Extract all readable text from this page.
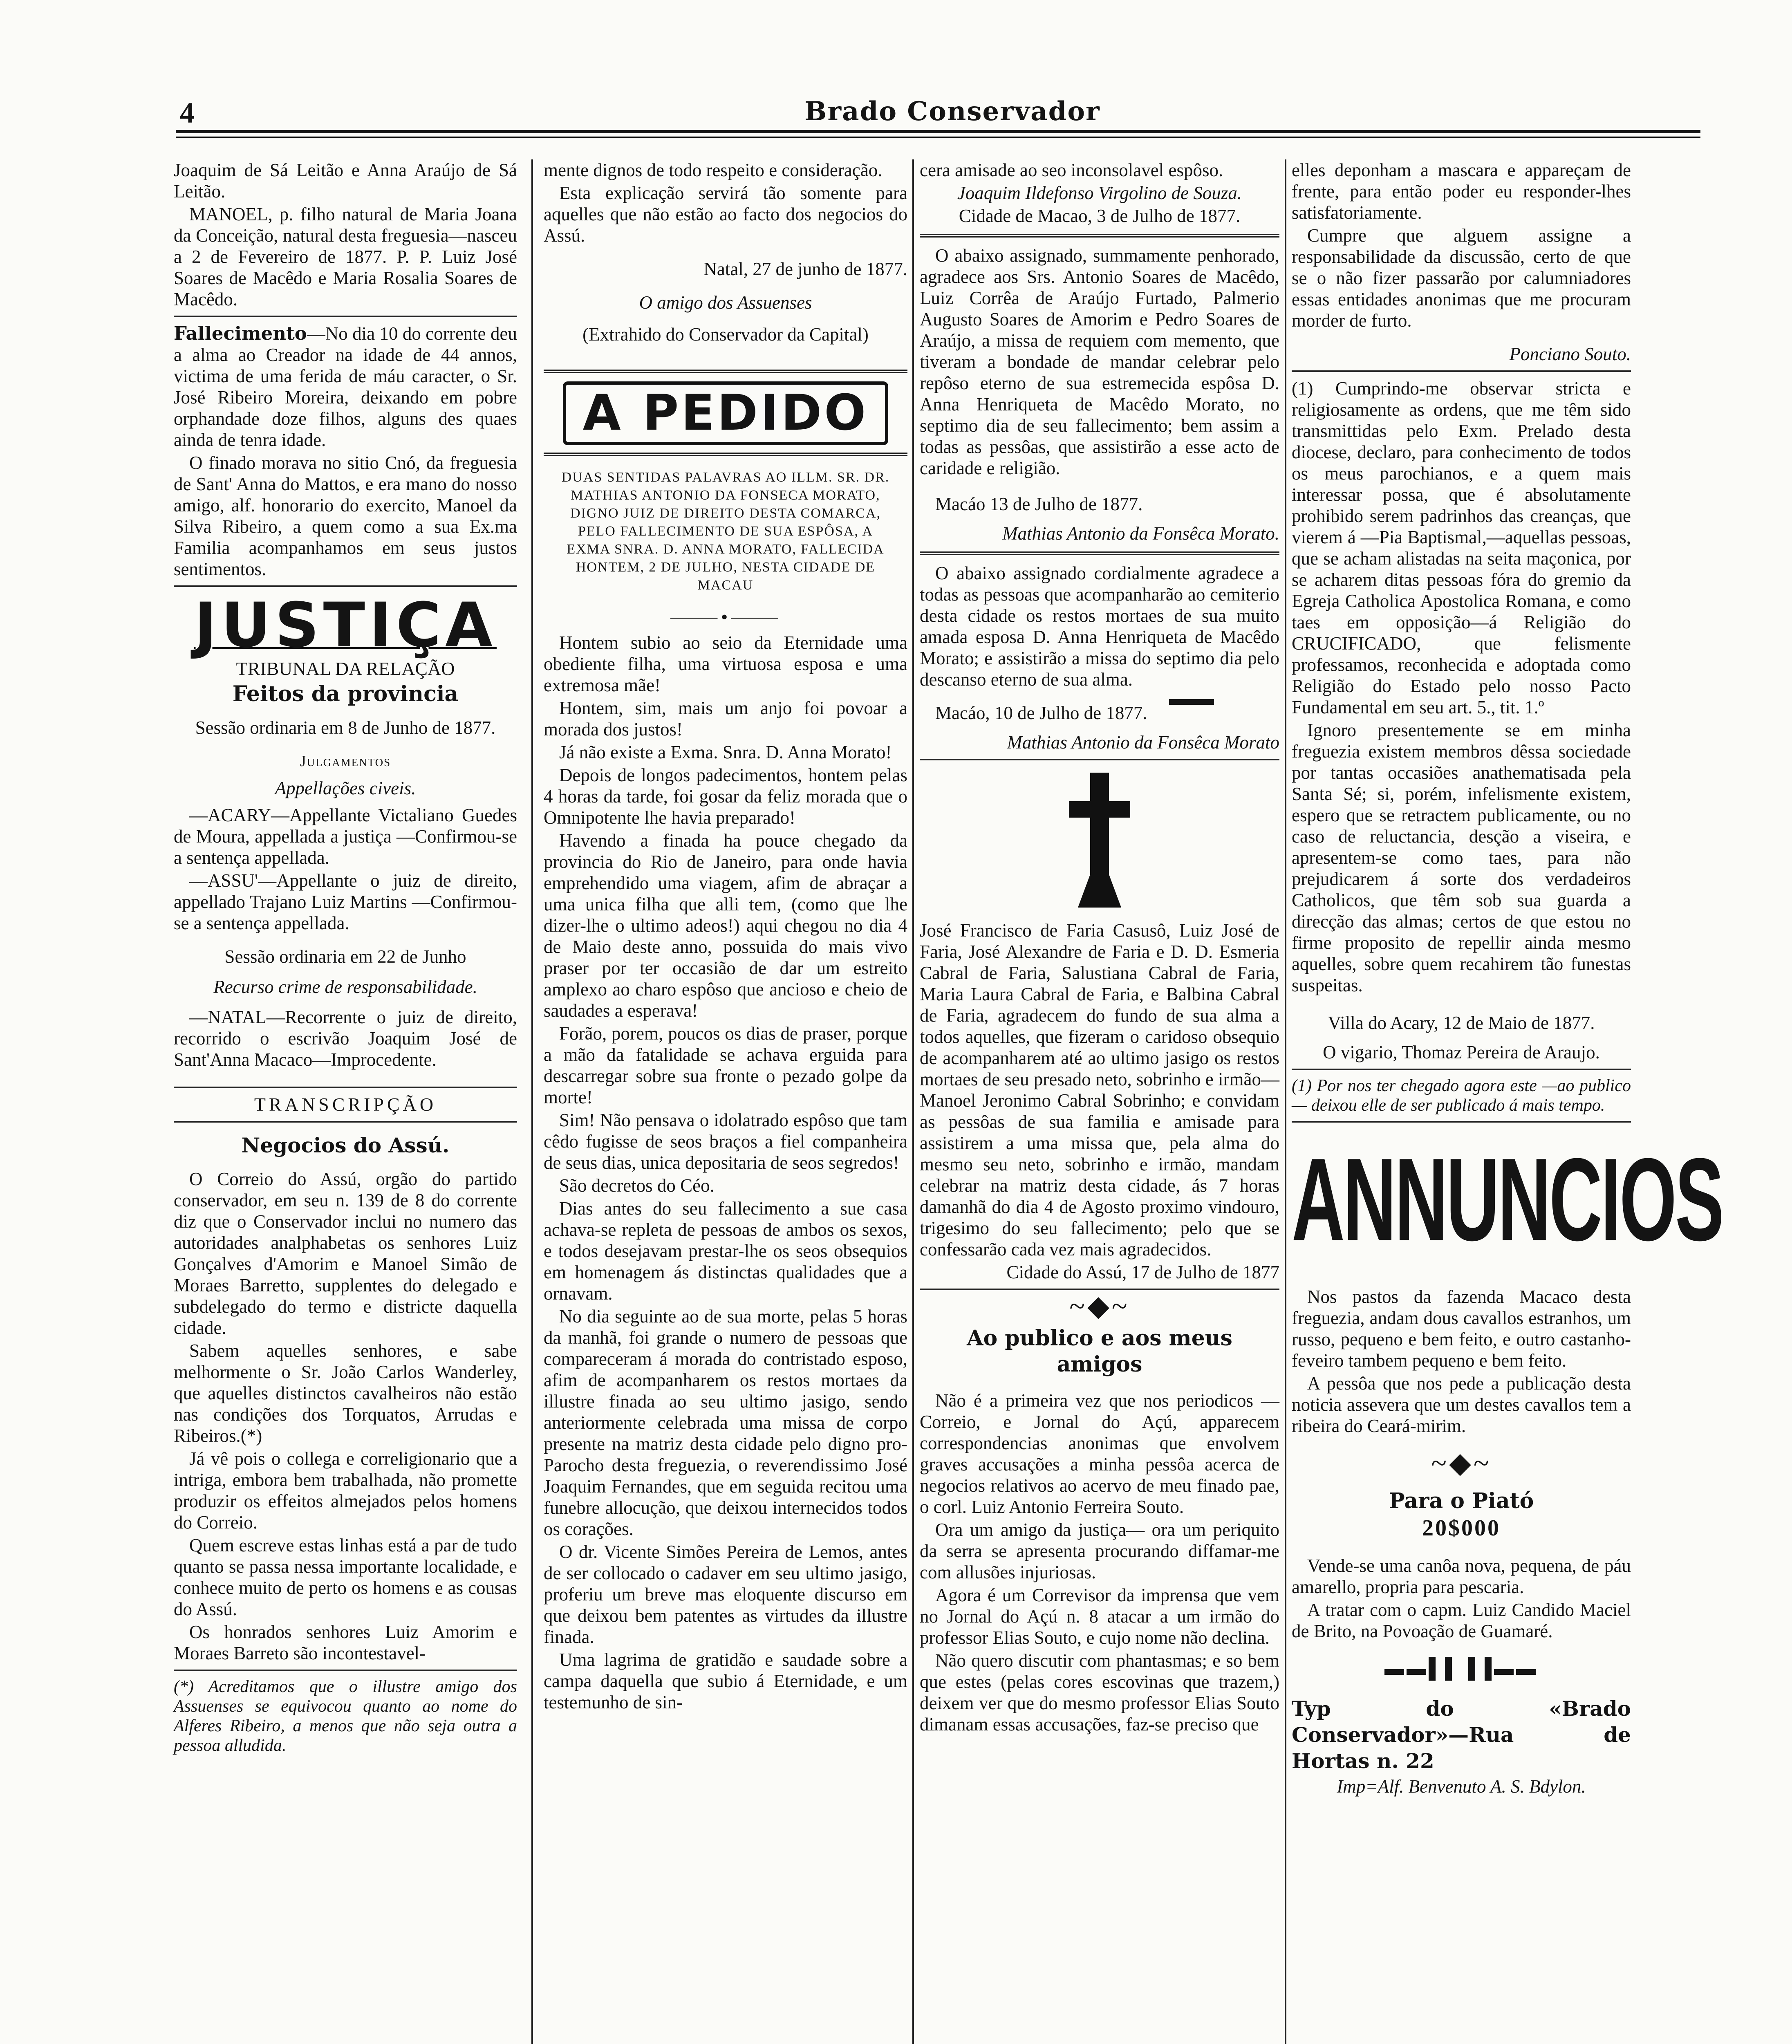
4	Brado Conservador

Joaquim de Sá Leitão e Anna Araújo de Sá Leitão.

MANOEL, p. filho natural de Maria Joana da Conceição, natural desta freguesia—nasceu a 2 de Fevereiro de 1877. P. P. Luiz José Soares de Macêdo e Maria Rosalia Soares de Macêdo.

Fallecimento—No dia 10 do corrente deu a alma ao Creador na idade de 44 annos, victima de uma ferida de máu caracter, o Sr. José Ribeiro Moreira, deixando em pobre orphandade doze filhos, alguns des quaes ainda de tenra idade.

O finado morava no sitio Cnó, da freguesia de Sant' Anna do Mattos, e era mano do nosso amigo, alf. honorario do exercito, Manoel da Silva Ribeiro, a quem como a sua Ex.ma Familia acompanhamos em seus justos sentimentos.

JUSTIÇA

TRIBUNAL DA RELAÇÃO

Feitos da provincia

Sessão ordinaria em 8 de Junho de 1877.

Julgamentos

Appellações civeis.

—ACARY—Appellante Victaliano Guedes de Moura, appellada a justiça —Confirmou-se a sentença appellada.

—ASSU'—Appellante o juiz de direito, appellado Trajano Luiz Martins —Confirmou-se a sentença appellada.

Sessão ordinaria em 22 de Junho

Recurso crime de responsabilidade.

—NATAL—Recorrente o juiz de direito, recorrido o escrivão Joaquim José de Sant'Anna Macaco—Improcedente.

TRANSCRIPÇÃO

Negocios do Assú.

O Correio do Assú, orgão do partido conservador, em seu n. 139 de 8 do corrente diz que o Conservador inclui no numero das autoridades analphabetas os senhores Luiz Gonçalves d'Amorim e Manoel Simão de Moraes Barretto, supplentes do delegado e subdelegado do termo e districte daquella cidade.

Sabem aquelles senhores, e sabe melhormente o Sr. João Carlos Wanderley, que aquelles distinctos cavalheiros não estão nas condições dos Torquatos, Arrudas e Ribeiros.(*)

Já vê pois o collega e correligionario que a intriga, embora bem trabalhada, não promette produzir os effeitos almejados pelos homens do Correio.

Quem escreve estas linhas está a par de tudo quanto se passa nessa importante localidade, e conhece muito de perto os homens e as cousas do Assú.

Os honrados senhores Luiz Amorim e Moraes Barreto são incontestavel-

(*) Acreditamos que o illustre amigo dos Assuenses se equivocou quanto ao nome do Alferes Ribeiro, a menos que não seja outra a pessoa alludida.

mente dignos de todo respeito e consideração.

Esta explicação servirá tão somente para aquelles que não estão ao facto dos negocios do Assú.

Natal, 27 de junho de 1877.

O amigo dos Assuenses

(Extrahido do Conservador da Capital)

A PEDIDO

DUAS SENTIDAS PALAVRAS AO ILLM. SR. DR. MATHIAS ANTONIO DA FONSECA MORATO, DIGNO JUIZ DE DIREITO DESTA COMARCA, PELO FALLECIMENTO DE SUA ESPÔSA, A EXMA SNRA. D. ANNA MORATO, FALLECIDA HONTEM, 2 DE JULHO, NESTA CIDADE DE MACAU

⸻•⸻

Hontem subio ao seio da Eternidade uma obediente filha, uma virtuosa esposa e uma extremosa mãe!

Hontem, sim, mais um anjo foi povoar a morada dos justos!

Já não existe a Exma. Snra. D. Anna Morato!

Depois de longos padecimentos, hontem pelas 4 horas da tarde, foi gosar da feliz morada que o Omnipotente lhe havia preparado!

Havendo a finada ha pouce chegado da provincia do Rio de Janeiro, para onde havia emprehendido uma viagem, afim de abraçar a uma unica filha que alli tem, (como que lhe dizer-lhe o ultimo adeos!) aqui chegou no dia 4 de Maio deste anno, possuida do mais vivo praser por ter occasião de dar um estreito amplexo ao charo espôso que ancioso e cheio de saudades a esperava!

Forão, porem, poucos os dias de praser, porque a mão da fatalidade se achava erguida para descarregar sobre sua fronte o pezado golpe da morte!

Sim! Não pensava o idolatrado espôso que tam cêdo fugisse de seos braços a fiel companheira de seus dias, unica depositaria de seos segredos!

São decretos do Céo.

Dias antes do seu fallecimento a sue casa achava-se repleta de pessoas de ambos os sexos, e todos desejavam prestar-lhe os seos obsequios em homenagem ás distinctas qualidades que a ornavam.

No dia seguinte ao de sua morte, pelas 5 horas da manhã, foi grande o numero de pessoas que compareceram á morada do contristado esposo, afim de acompanharem os restos mortaes da illustre finada ao seu ultimo jasigo, sendo anteriormente celebrada uma missa de corpo presente na matriz desta cidade pelo digno pro-Parocho desta freguezia, o reverendissimo José Joaquim Fernandes, que em seguida recitou uma funebre allocução, que deixou internecidos todos os corações.

O dr. Vicente Simões Pereira de Lemos, antes de ser collocado o cadaver em seu ultimo jasigo, proferiu um breve mas eloquente discurso em que deixou bem patentes as virtudes da illustre finada.

Uma lagrima de gratidão e saudade sobre a campa daquella que subio á Eternidade, e um testemunho de sin-

cera amisade ao seo inconsolavel espôso.

Joaquim Ildefonso Virgolino de Souza.

Cidade de Macao, 3 de Julho de 1877.

O abaixo assignado, summamente penhorado, agradece aos Srs. Antonio Soares de Macêdo, Luiz Corrêa de Araújo Furtado, Palmerio Augusto Soares de Amorim e Pedro Soares de Araújo, a missa de requiem com memento, que tiveram a bondade de mandar celebrar pelo repôso eterno de sua estremecida espôsa D. Anna Henriqueta de Macêdo Morato, no septimo dia de seu fallecimento; bem assim a todas as pessôas, que assistirão a esse acto de caridade e religião.

Macáo 13 de Julho de 1877.

Mathias Antonio da Fonsêca Morato.

O abaixo assignado cordialmente agradece a todas as pessoas que acompanharão ao cemiterio desta cidade os restos mortaes de sua muito amada esposa D. Anna Henriqueta de Macêdo Morato; e assistirão a missa do septimo dia pelo descanso eterno de sua alma.

Macáo, 10 de Julho de 1877.

Mathias Antonio da Fonsêca Morato

José Francisco de Faria Casusô, Luiz José de Faria, José Alexandre de Faria e D. D. Esmeria Cabral de Faria, Salustiana Cabral de Faria, Maria Laura Cabral de Faria, e Balbina Cabral de Faria, agradecem do fundo de sua alma a todos aquelles, que fizeram o caridoso obsequio de acompanharem até ao ultimo jasigo os restos mortaes de seu presado neto, sobrinho e irmão—Manoel Jeronimo Cabral Sobrinho; e convidam as pessôas de sua familia e amisade para assistirem a uma missa que, pela alma do mesmo seu neto, sobrinho e irmão, mandam celebrar na matriz desta cidade, ás 7 horas damanhã do dia 4 de Agosto proximo vindouro, trigesimo do seu fallecimento; pelo que se confessarão cada vez mais agradecidos.

Cidade do Assú, 17 de Julho de 1877

~◆~

Ao publico e aos meus amigos

Não é a primeira vez que nos periodicos —Correio, e Jornal do Açú, apparecem correspondencias anonimas que envolvem graves accusações a minha pessôa acerca de negocios relativos ao acervo de meu finado pae, o corl. Luiz Antonio Ferreira Souto.

Ora um amigo da justiça— ora um periquito da serra se apresenta procurando diffamar-me com allusões injuriosas.

Agora é um Correvisor da imprensa que vem no Jornal do Açú n. 8 atacar a um irmão do professor Elias Souto, e cujo nome não declina.

Não quero discutir com phantasmas; e so bem que estes (pelas cores escovinas que trazem,) deixem ver que do mesmo professor Elias Souto dimanam essas accusações, faz-se preciso que

elles deponham a mascara e appareçam de frente, para então poder eu responder-lhes satisfatoriamente.

Cumpre que alguem assigne a responsabilidade da discussão, certo de que se o não fizer passarão por calumniadores essas entidades anonimas que me procuram morder de furto.

Ponciano Souto.

(1) Cumprindo-me observar stricta e religiosamente as ordens, que me têm sido transmittidas pelo Exm. Prelado desta diocese, declaro, para conhecimento de todos os meus parochianos, e a quem mais interessar possa, que é absolutamente prohibido serem padrinhos das creanças, que vierem á —Pia Baptismal,—aquellas pessoas, que se acham alistadas na seita maçonica, por se acharem ditas pessoas fóra do gremio da Egreja Catholica Apostolica Romana, e como taes em opposição—á Religião do CRUCIFICADO, que felismente professamos, reconhecida e adoptada como Religião do Estado pelo nosso Pacto Fundamental em seu art. 5., tit. 1.º

Ignoro presentemente se em minha freguezia existem membros dêssa sociedade por tantas occasiões anathematisada pela Santa Sé; si, porém, infelismente existem, espero que se retractem publicamente, ou no caso de reluctancia, desção a viseira, e apresentem-se como taes, para não prejudicarem á sorte dos verdadeiros Catholicos, que têm sob sua guarda a direcção das almas; certos de que estou no firme proposito de repellir ainda mesmo aquelles, sobre quem recahirem tão funestas suspeitas.

Villa do Acary, 12 de Maio de 1877.

O vigario, Thomaz Pereira de Araujo.

(1) Por nos ter chegado agora este —ao publico— deixou elle de ser publicado á mais tempo.

ANNUNCIOS

Nos pastos da fazenda Macaco desta freguezia, andam dous cavallos estranhos, um russo, pequeno e bem feito, e outro castanho-feveiro tambem pequeno e bem feito.

A pessôa que nos pede a publicação desta noticia assevera que um destes cavallos tem a ribeira do Ceará-mirim.

~◆~

Para o Piató

20$000

Vende-se uma canôa nova, pequena, de páu amarello, propria para pescaria.

A tratar com o capm. Luiz Candido Maciel de Brito, na Povoação de Guamaré.

▬▬▌▌▐▐▬▬

Typ do «Brado Conservador»—Rua de Hortas n. 22

Imp=Alf. Benvenuto A. S. Bdylon.
